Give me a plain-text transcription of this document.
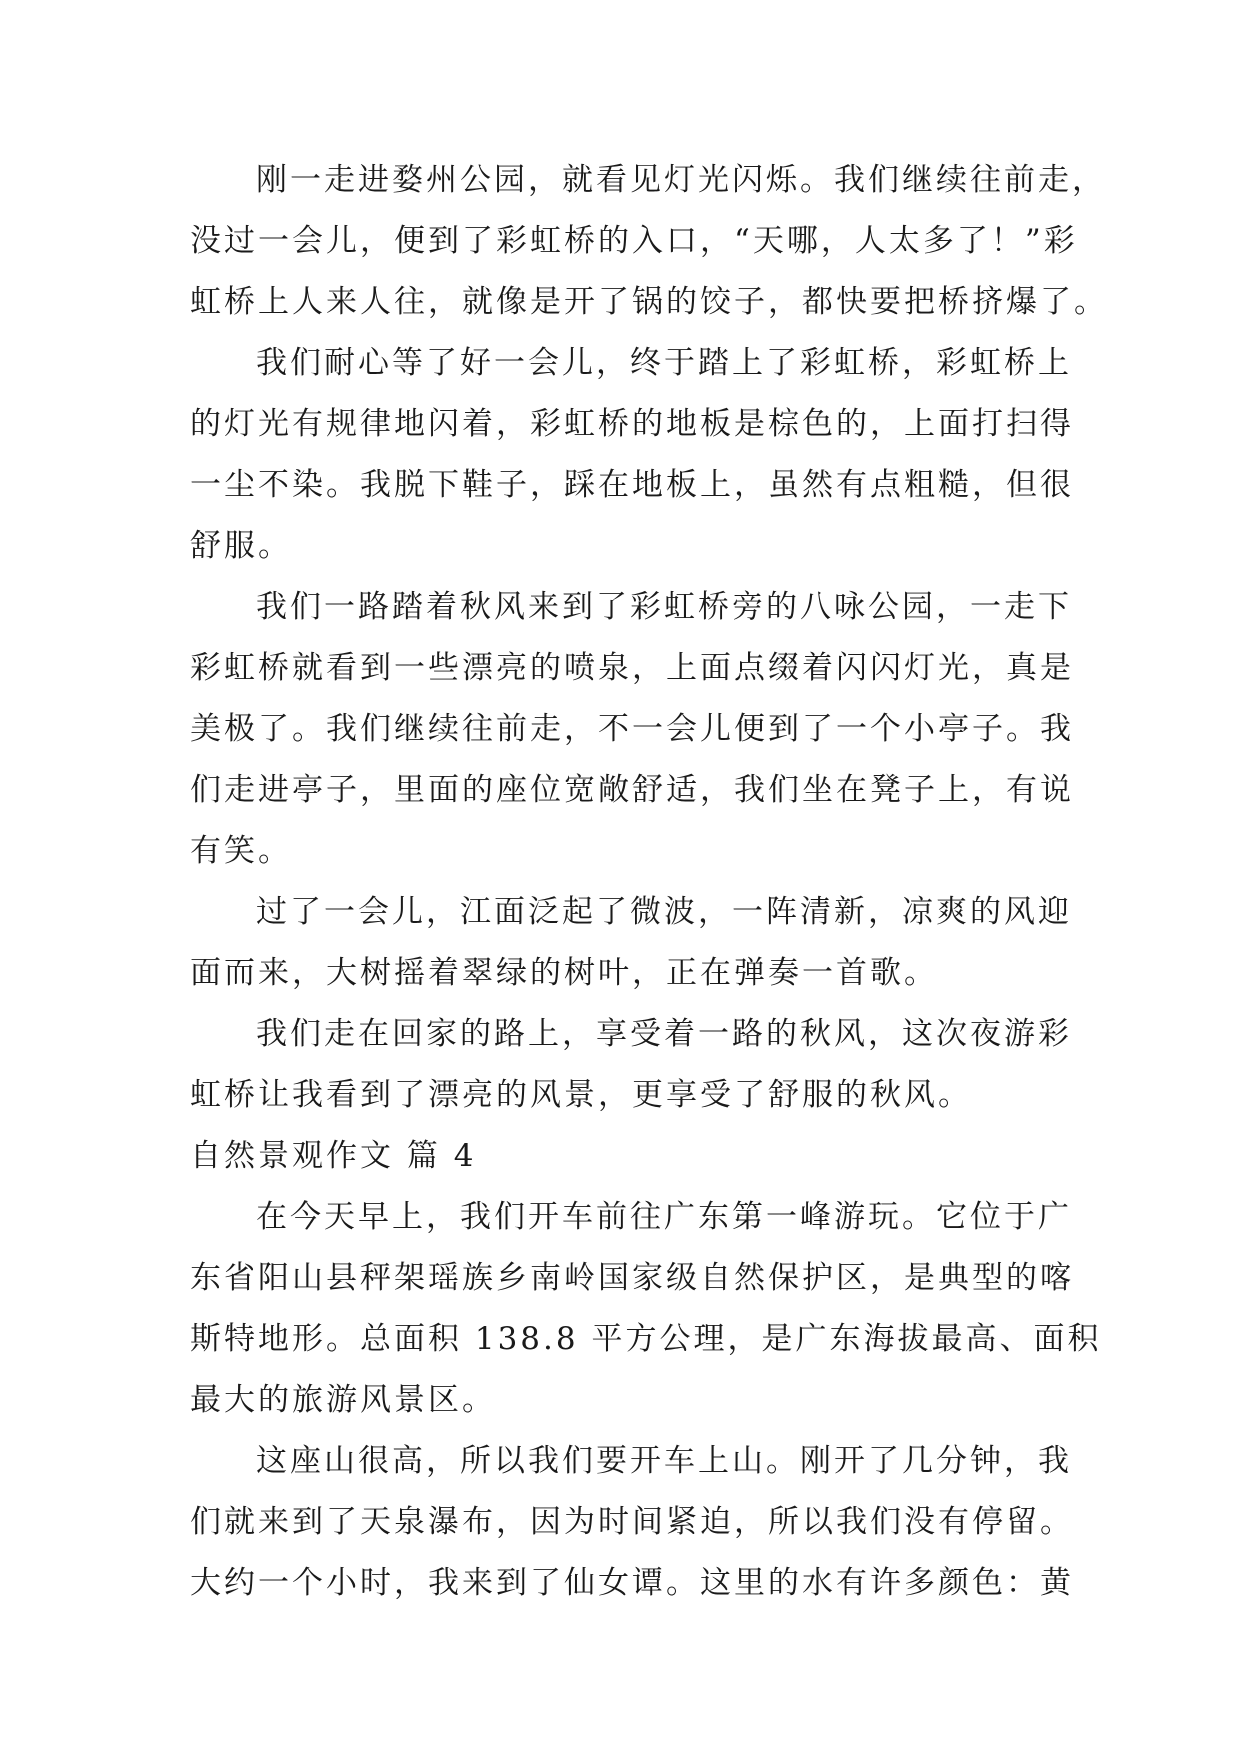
刚一走进婺州公园，就看见灯光闪烁。我们继续往前走，
没过一会儿，便到了彩虹桥的入口，“天哪，人太多了！”彩
虹桥上人来人往，就像是开了锅的饺子，都快要把桥挤爆了。
我们耐心等了好一会儿，终于踏上了彩虹桥，彩虹桥上
的灯光有规律地闪着，彩虹桥的地板是棕色的，上面打扫得
一尘不染。我脱下鞋子，踩在地板上，虽然有点粗糙，但很
舒服。
我们一路踏着秋风来到了彩虹桥旁的八咏公园，一走下
彩虹桥就看到一些漂亮的喷泉，上面点缀着闪闪灯光，真是
美极了。我们继续往前走，不一会儿便到了一个小亭子。我
们走进亭子，里面的座位宽敞舒适，我们坐在凳子上，有说
有笑。
过了一会儿，江面泛起了微波，一阵清新，凉爽的风迎
面而来，大树摇着翠绿的树叶，正在弹奏一首歌。
我们走在回家的路上，享受着一路的秋风，这次夜游彩
虹桥让我看到了漂亮的风景，更享受了舒服的秋风。
自然景观作文 篇 4
在今天早上，我们开车前往广东第一峰游玩。它位于广
东省阳山县秤架瑶族乡南岭国家级自然保护区，是典型的喀
斯特地形。总面积 138.8 平方公理，是广东海拔最高、面积
最大的旅游风景区。
这座山很高，所以我们要开车上山。刚开了几分钟，我
们就来到了天泉瀑布，因为时间紧迫，所以我们没有停留。
大约一个小时，我来到了仙女谭。这里的水有许多颜色：黄
